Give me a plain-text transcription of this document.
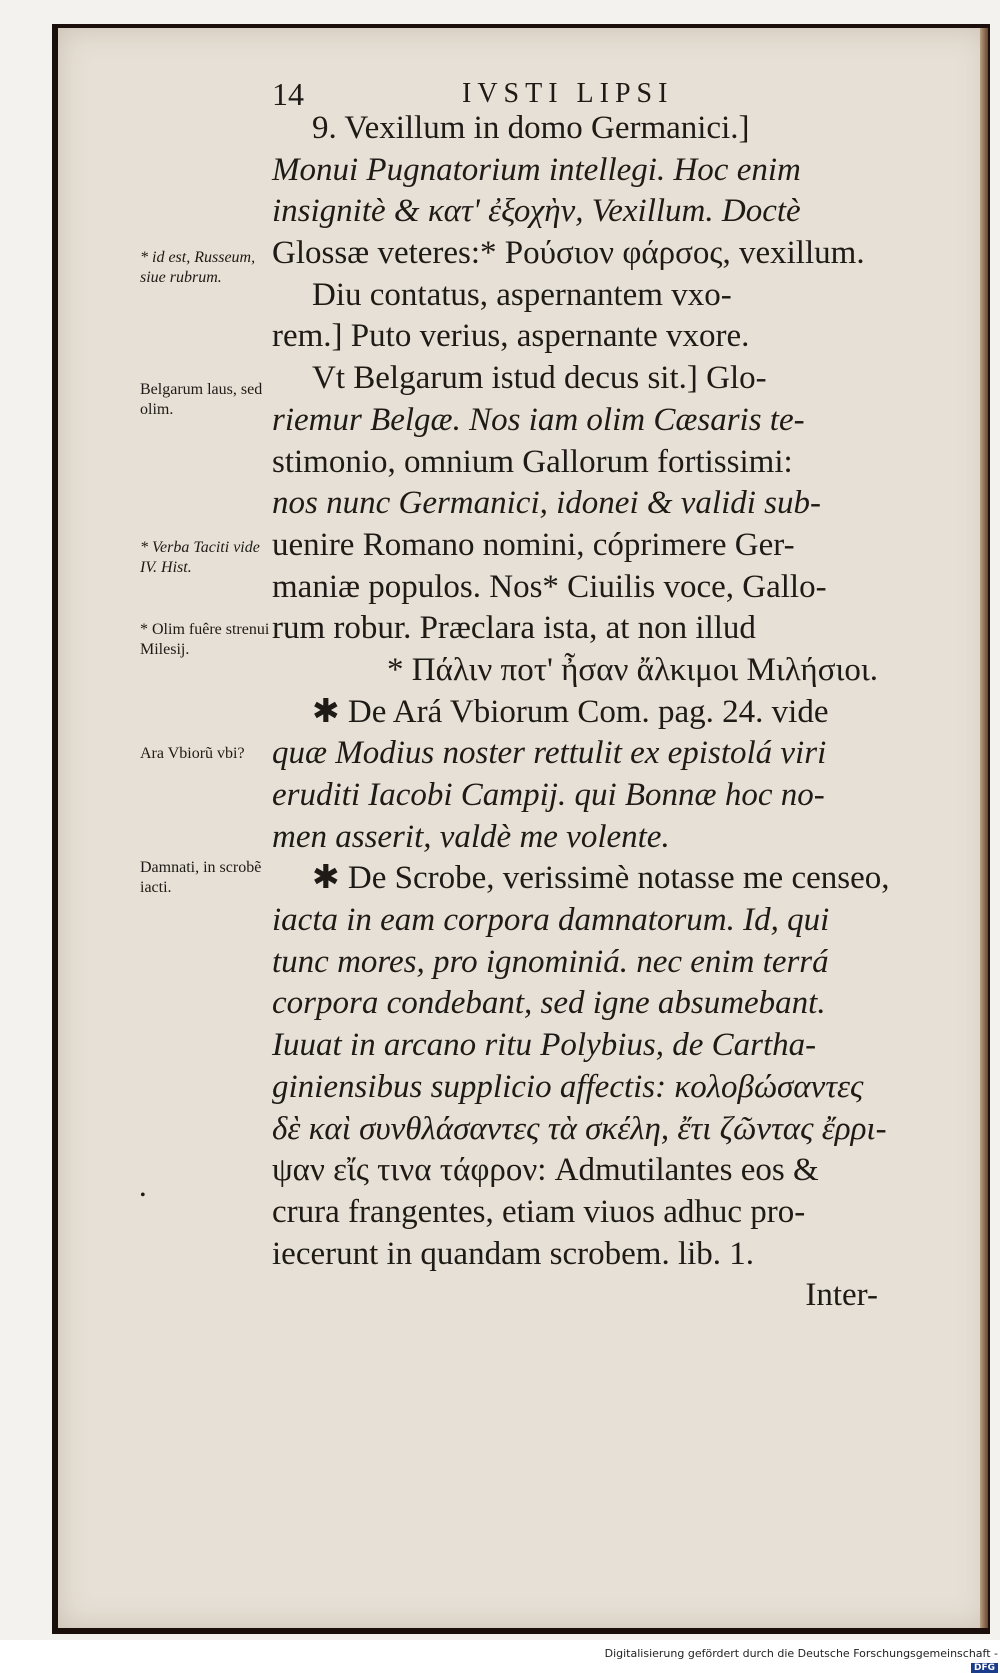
14	IVSTI LIPSI
9. Vexillum in domo Germanici.]
Monui Pugnatorium intellegi. Hoc enim
insignitè & κατ' ἐξοχὴν, Vexillum. Doctè
Glossæ veteres:* Ρούσιον φάρσος, vexillum.
Diu contatus, aspernantem vxo-
rem.] Puto verius, aspernante vxore.
Vt Belgarum istud decus sit.] Glo-
riemur Belgæ. Nos iam olim Cæsaris te-
stimonio, omnium Gallorum fortissimi:
nos nunc Germanici, idonei & validi sub-
uenire Romano nomini, cóprimere Ger-
maniæ populos. Nos* Ciuilis voce, Gallo-
rum robur. Præclara ista, at non illud
* Πάλιν ποτ' ἦσαν ἄλκιμοι Μιλήσιοι.
✱ De Ará Vbiorum Com. pag. 24. vide
quæ Modius noster rettulit ex epistolá viri
eruditi Iacobi Campij. qui Bonnæ hoc no-
men asserit, valdè me volente.
✱ De Scrobe, verissimè notasse me censeo,
iacta in eam corpora damnatorum. Id, qui
tunc mores, pro ignominiá. nec enim terrá
corpora condebant, sed igne absumebant.
Iuuat in arcano ritu Polybius, de Cartha-
giniensibus supplicio affectis: κολοβώσαντες
δὲ καὶ συνθλάσαντες τὰ σκέλη, ἔτι ζῶντας ἔρρι-
ψαν εἴς τινα τάφρον: Admutilantes eos &
crura frangentes, etiam viuos adhuc pro-
iecerunt in quandam scrobem. lib. 1.
Inter-
* id est, Russeum, siue rubrum.
Belgarum laus, sed olim.
* Verba Taciti vide IV. Hist.
* Olim fuêre strenui Milesij.
Ara Vbiorũ vbi?
Damnati, in scrobẽ iacti.
•
Digitalisierung gefördert durch die Deutsche Forschungsgemeinschaft -DFG
